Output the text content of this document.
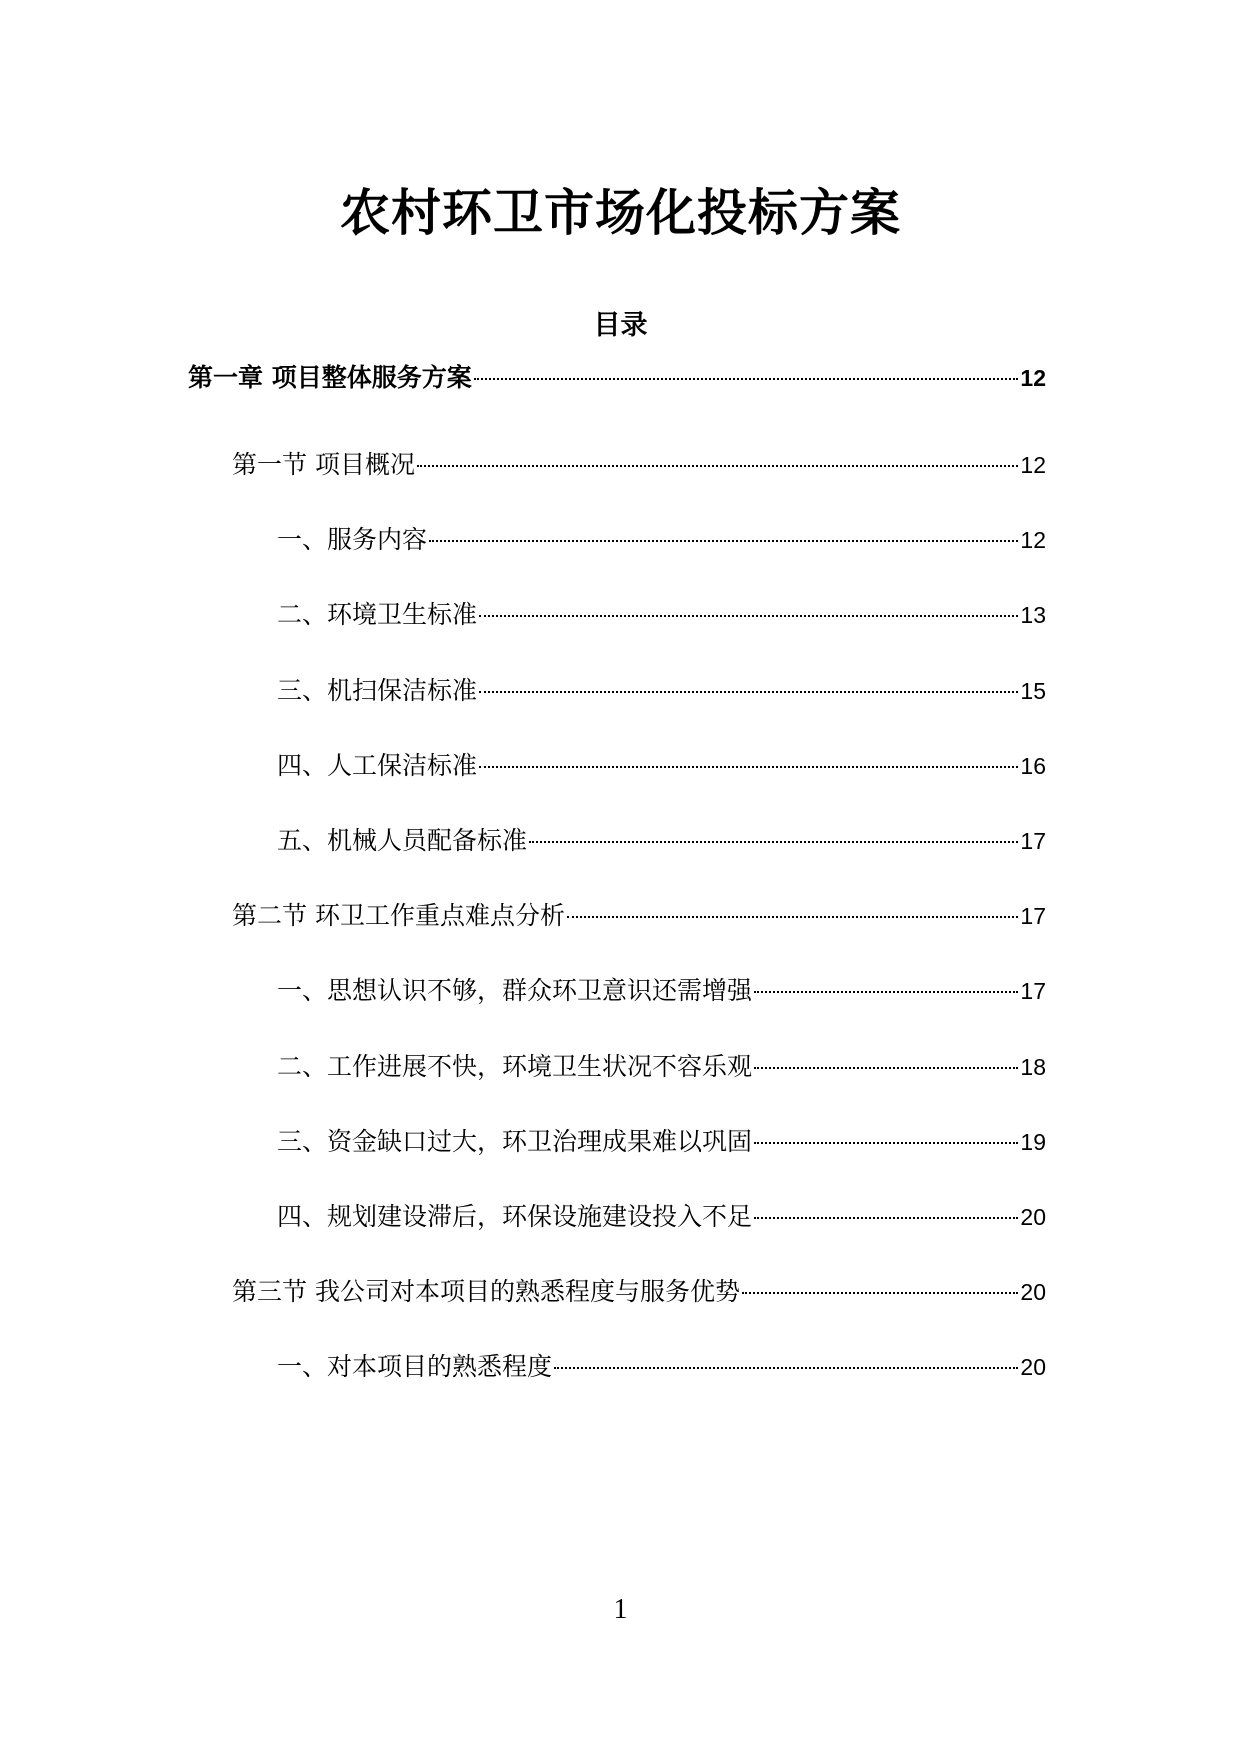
农村环卫市场化投标方案
目录
第一章 项目整体服务方案	12
第一节 项目概况	12
一、服务内容	12
二、环境卫生标准	13
三、机扫保洁标准	15
四、人工保洁标准	16
五、机械人员配备标准	17
第二节 环卫工作重点难点分析	17
一、思想认识不够，群众环卫意识还需增强	17
二、工作进展不快，环境卫生状况不容乐观	18
三、资金缺口过大，环卫治理成果难以巩固	19
四、规划建设滞后，环保设施建设投入不足	20
第三节 我公司对本项目的熟悉程度与服务优势	20
一、对本项目的熟悉程度	20
1
